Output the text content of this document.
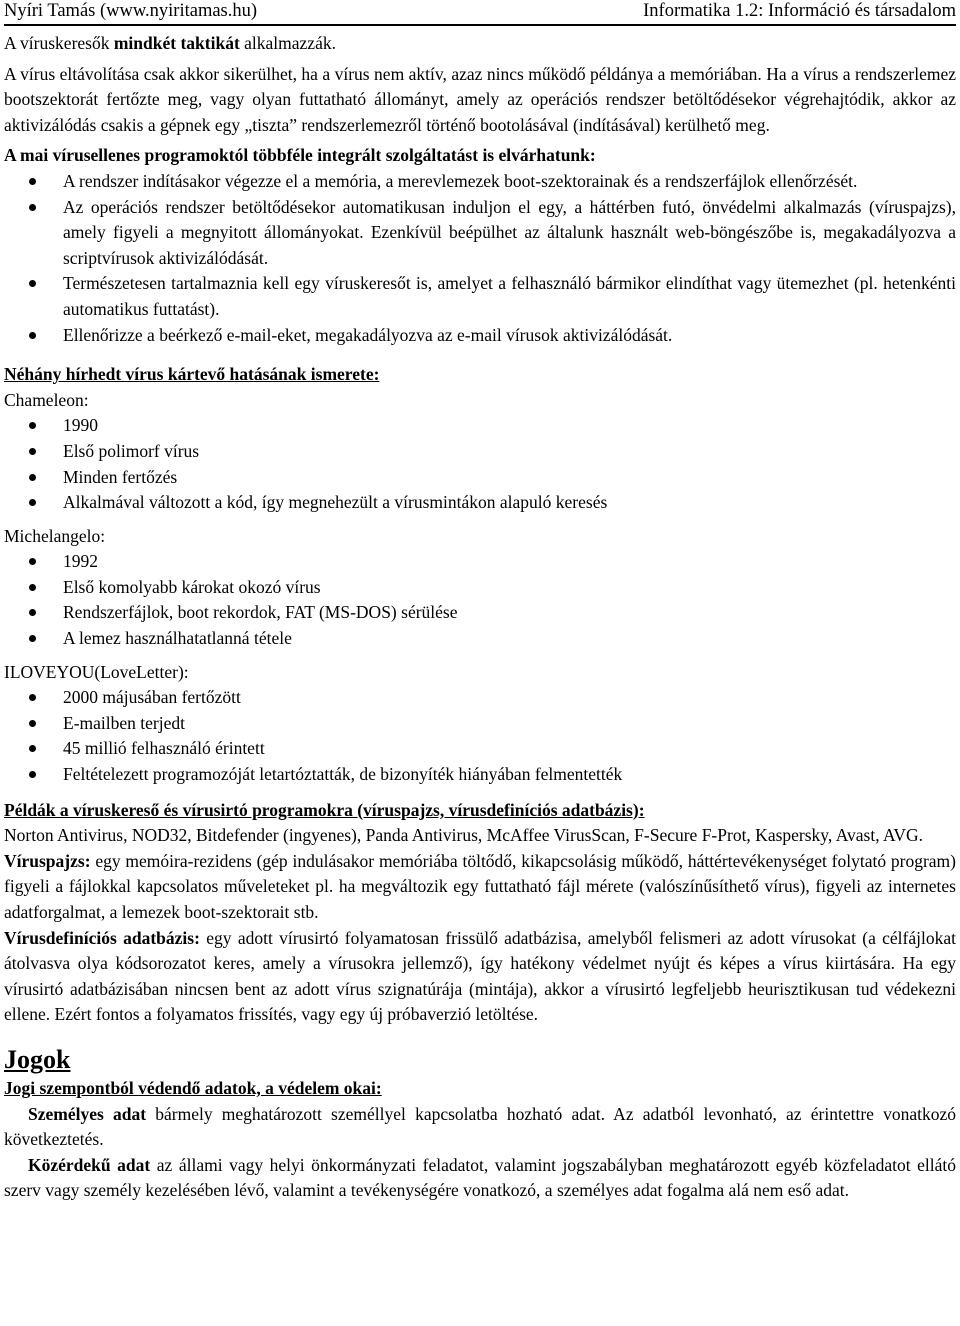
Nyíri Tamás (www.nyiritamas.hu)	Informatika 1.2: Információ és társadalom

A víruskeresők mindkét taktikát alkalmazzák.

A vírus eltávolítása csak akkor sikerülhet, ha a vírus nem aktív, azaz nincs működő példánya a memóriában. Ha a vírus a rendszerlemez bootszektorát fertőzte meg, vagy olyan futtatható állományt, amely az operációs rendszer betöltődésekor végrehajtódik, akkor az aktivizálódás csakis a gépnek egy „tiszta” rendszerlemezről történő bootolásával (indításával) kerülhető meg.

A mai vírusellenes programoktól többféle integrált szolgáltatást is elvárhatunk:

A rendszer indításakor végezze el a memória, a merevlemezek boot-szektorainak és a rendszerfájlok ellenőrzését.
Az operációs rendszer betöltődésekor automatikusan induljon el egy, a háttérben futó, önvédelmi alkalmazás (víruspajzs), amely figyeli a megnyitott állományokat. Ezenkívül beépülhet az általunk használt web-böngészőbe is, megakadályozva a scriptvírusok aktivizálódását.
Természetesen tartalmaznia kell egy víruskeresőt is, amelyet a felhasználó bármikor elindíthat vagy ütemezhet (pl. hetenkénti automatikus futtatást).
Ellenőrizze a beérkező e-mail-eket, megakadályozva az e-mail vírusok aktivizálódását.

Néhány hírhedt vírus kártevő hatásának ismerete:

Chameleon:

1990
Első polimorf vírus
Minden fertőzés
Alkalmával változott a kód, így megnehezült a vírusmintákon alapuló keresés

Michelangelo:

1992
Első komolyabb károkat okozó vírus
Rendszerfájlok, boot rekordok, FAT (MS-DOS) sérülése
A lemez használhatatlanná tétele

ILOVEYOU(LoveLetter):

2000 májusában fertőzött
E-mailben terjedt
45 millió felhasználó érintett
Feltételezett programozóját letartóztatták, de bizonyíték hiányában felmentették

Példák a víruskereső és vírusirtó programokra (víruspajzs, vírusdefiníciós adatbázis):

Norton Antivirus, NOD32, Bitdefender (ingyenes), Panda Antivirus, McAffee VirusScan, F-Secure F-Prot, Kaspersky, Avast, AVG.

Víruspajzs: egy memóira-rezidens (gép indulásakor memóriába töltődő, kikapcsolásig működő, háttértevékenységet folytató program) figyeli a fájlokkal kapcsolatos műveleteket pl. ha megváltozik egy futtatható fájl mérete (valószínűsíthető vírus), figyeli az internetes adatforgalmat, a lemezek boot-szektorait stb.

Vírusdefiníciós adatbázis: egy adott vírusirtó folyamatosan frissülő adatbázisa, amelyből felismeri az adott vírusokat (a célfájlokat átolvasva olya kódsorozatot keres, amely a vírusokra jellemző), így hatékony védelmet nyújt és képes a vírus kiirtására. Ha egy vírusirtó adatbázisában nincsen bent az adott vírus szignatúrája (mintája), akkor a vírusirtó legfeljebb heurisztikusan tud védekezni ellene. Ezért fontos a folyamatos frissítés, vagy egy új próbaverzió letöltése.

Jogok

Jogi szempontból védendő adatok, a védelem okai:

Személyes adat bármely meghatározott személlyel kapcsolatba hozható adat. Az adatból levonható, az érintettre vonatkozó következtetés.

Közérdekű adat az állami vagy helyi önkormányzati feladatot, valamint jogszabályban meghatározott egyéb közfeladatot ellátó szerv vagy személy kezelésében lévő, valamint a tevékenységére vonatkozó, a személyes adat fogalma alá nem eső adat.
